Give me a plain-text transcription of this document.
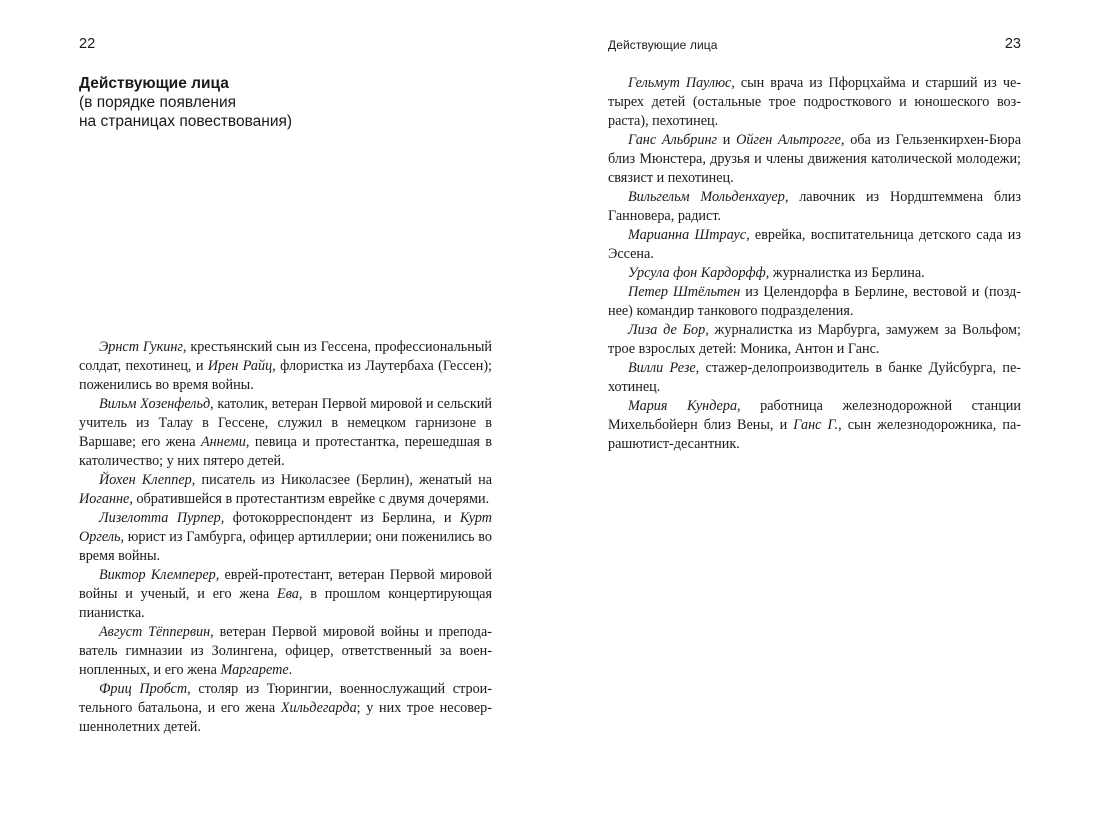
22
Действующие лица
(в порядке появления
на страницах повествования)

Эрнст Гукинг, крестьянский сын из Гессена, профессиональный солдат, пехотинец, и Ирен Райц, флористка из Лаутербаха (Гессен); поженились во время войны.

Вильм Хозенфельд, католик, ветеран Первой мировой и сельский учитель из Талау в Гессене, служил в немецком гарнизоне в Варшаве; его жена Аннеми, певица и протестантка, перешедшая в католичество; у них пятеро детей.

Йохен Клеппер, писатель из Николасзее (Берлин), женатый на Иоганне, обратившейся в протестантизм еврейке с двумя дочерями.

Лизелотта Пурпер, фотокорреспондент из Берлина, и Курт Оргель, юрист из Гамбурга, офицер артиллерии; они поженились во время войны.

Виктор Клемперер, еврей-протестант, ветеран Первой мировой войны и ученый, и его жена Ева, в прошлом концертирующая пианистка.

Август Тёппервин, ветеран Первой мировой войны и преподаватель гимназии из Золингена, офицер, ответственный за военнопленных, и его жена Маргарете.

Фриц Пробст, столяр из Тюрингии, военнослужащий строительного батальона, и его жена Хильдегарда; у них трое несовершеннолетних детей.

Действующие лица	23

Гельмут Паулюс, сын врача из Пфорцхайма и старший из четырех детей (остальные трое подросткового и юношеского возраста), пехотинец.

Ганс Альбринг и Ойген Альтрогге, оба из Гельзенкирхен-Бюра близ Мюнстера, друзья и члены движения католической молодежи; связист и пехотинец.

Вильгельм Мольденхауер, лавочник из Нордштеммена близ Ганновера, радист.

Марианна Штраус, еврейка, воспитательница детского сада из Эссена.

Урсула фон Кардорфф, журналистка из Берлина.

Петер Штёльтен из Целендорфа в Берлине, вестовой и (позднее) командир танкового подразделения.

Лиза де Бор, журналистка из Марбурга, замужем за Вольфом; трое взрослых детей: Моника, Антон и Ганс.

Вилли Резе, стажер-делопроизводитель в банке Дуйсбурга, пехотинец.

Мария Кундера, работница железнодорожной станции Михельбойерн близ Вены, и Ганс Г., сын железнодорожника, парашютист-десантник.
